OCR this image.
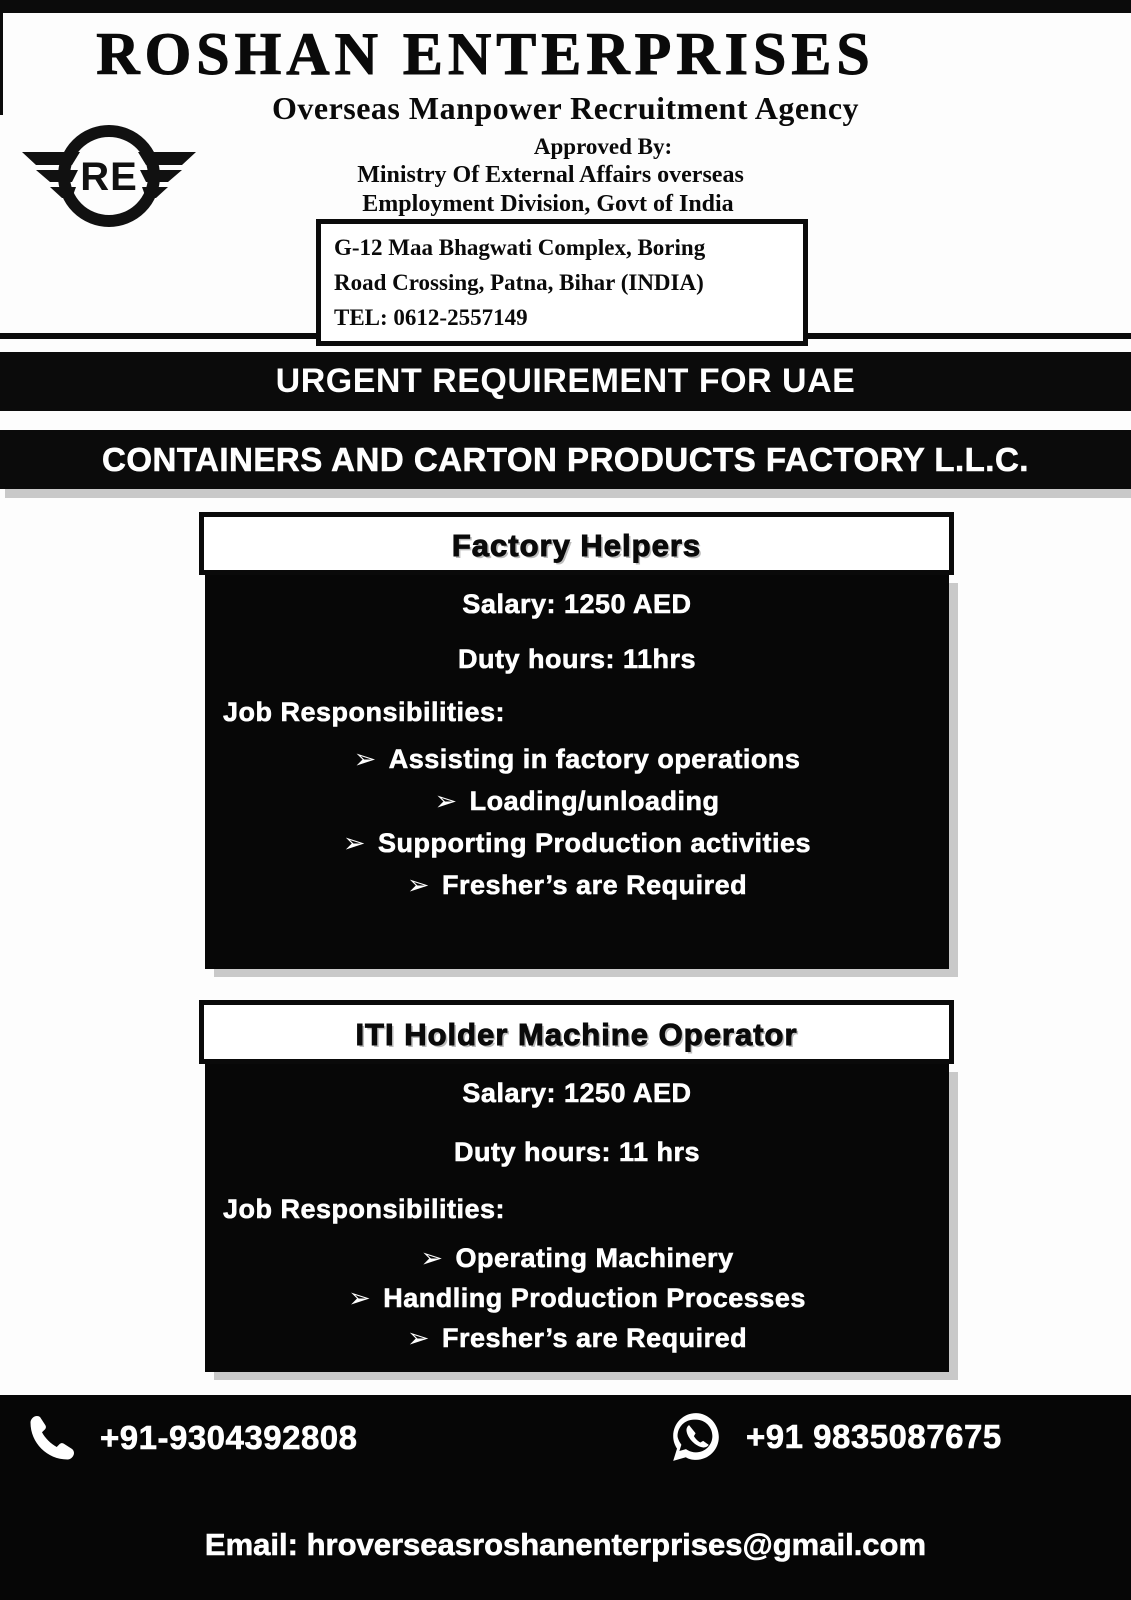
ROSHAN ENTERPRISES
Overseas Manpower Recruitment Agency
Approved By:
Ministry Of External Affairs overseas
Employment Division, Govt of India
RE
G-12 Maa Bhagwati Complex, Boring
Road Crossing, Patna, Bihar (INDIA)
TEL: 0612-2557149
URGENT REQUIREMENT FOR UAE
CONTAINERS AND CARTON PRODUCTS FACTORY L.L.C.
Factory Helpers
Salary: 1250 AED
Duty hours: 11hrs
Job Responsibilities:
➢ Assisting in factory operations
➢ Loading/unloading
➢ Supporting Production activities
➢ Fresher’s are Required
ITI Holder Machine Operator
Salary: 1250 AED
Duty hours: 11 hrs
Job Responsibilities:
➢ Operating Machinery
➢ Handling Production Processes
➢ Fresher’s are Required
+91-9304392808	+91 9835087675
Email: hroverseasroshanenterprises@gmail.com
